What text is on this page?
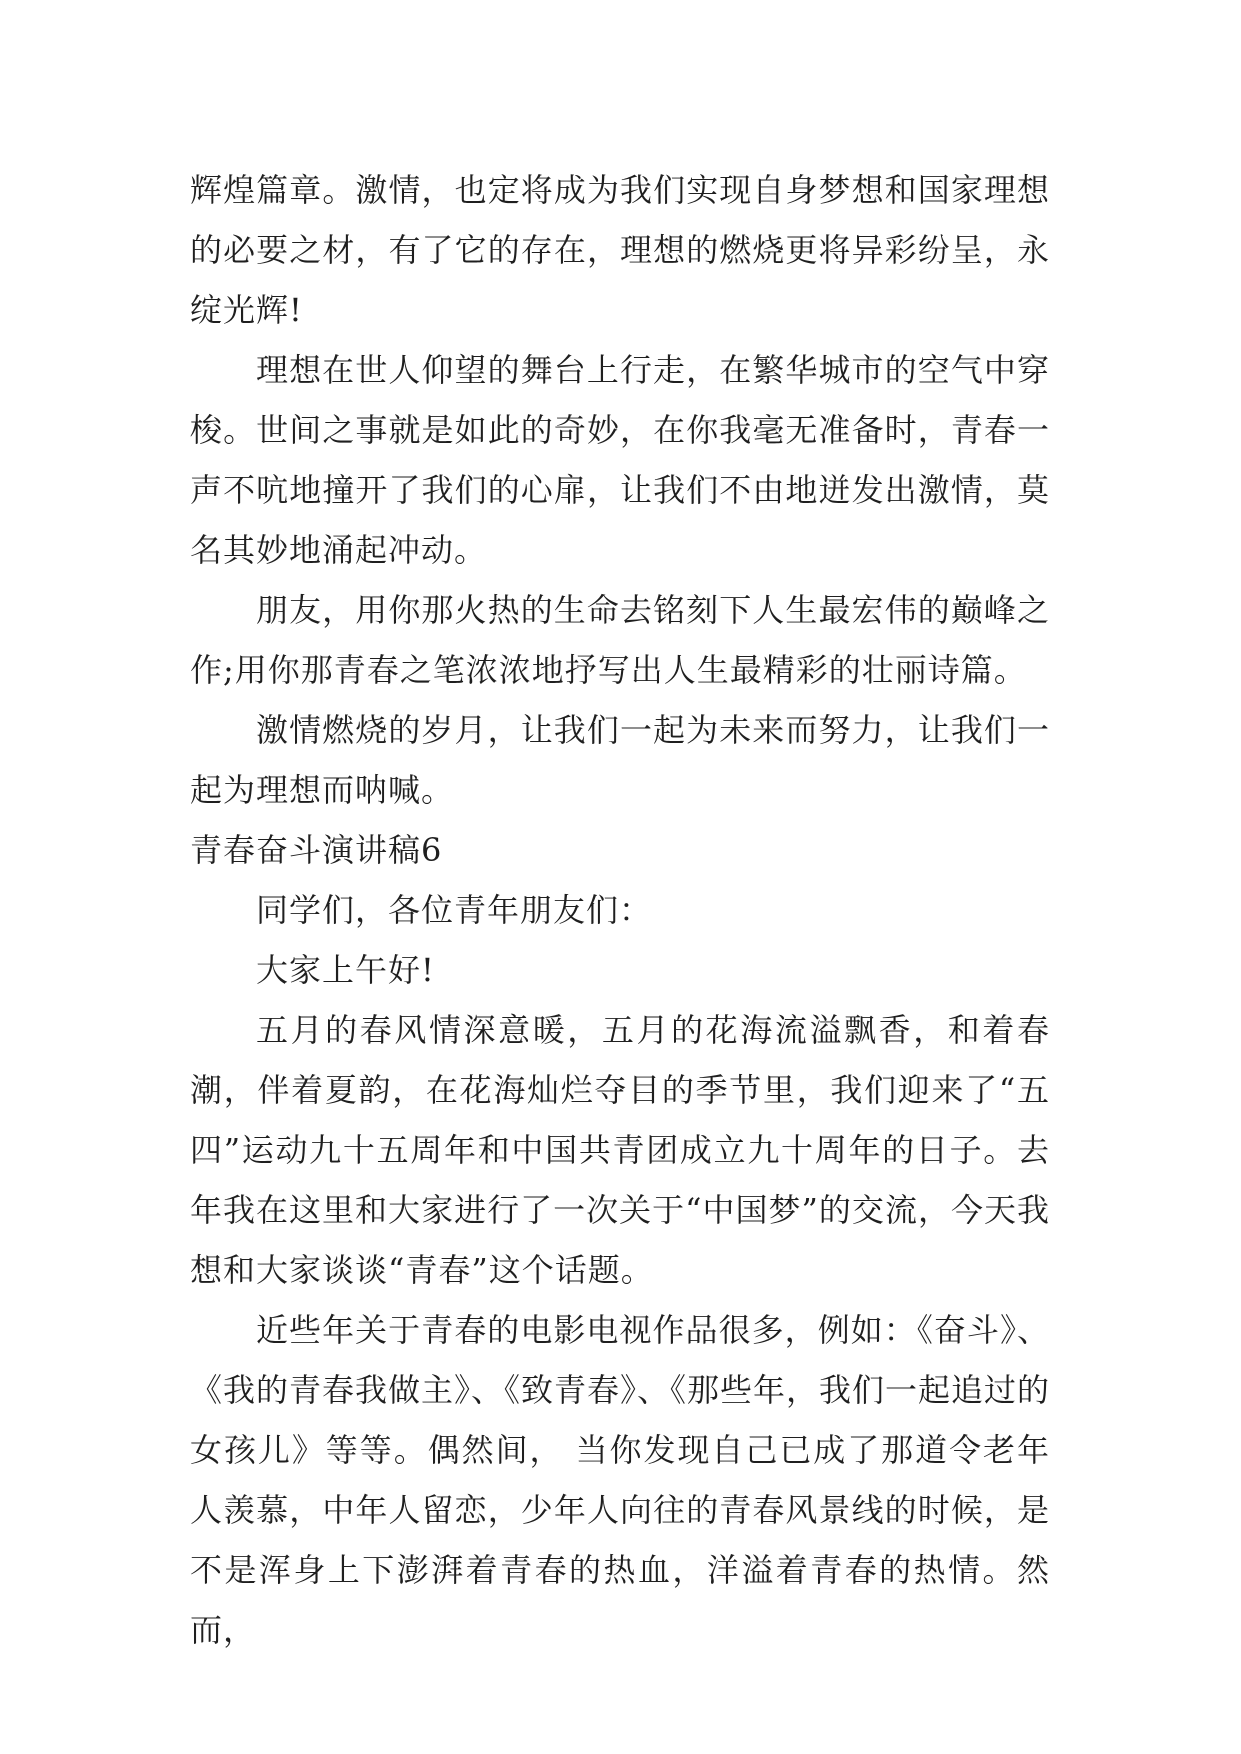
辉煌篇章。激情，也定将成为我们实现自身梦想和国家理想的必要之材，有了它的存在，理想的燃烧更将异彩纷呈，永绽光辉!

理想在世人仰望的舞台上行走，在繁华城市的空气中穿梭。世间之事就是如此的奇妙，在你我毫无准备时，青春一声不吭地撞开了我们的心扉，让我们不由地迸发出激情，莫名其妙地涌起冲动。

朋友，用你那火热的生命去铭刻下人生最宏伟的巅峰之作;用你那青春之笔浓浓地抒写出人生最精彩的壮丽诗篇。

激情燃烧的岁月，让我们一起为未来而努力，让我们一起为理想而呐喊。

青春奋斗演讲稿6

同学们，各位青年朋友们：

大家上午好!

五月的春风情深意暖，五月的花海流溢飘香，和着春潮，伴着夏韵，在花海灿烂夺目的季节里，我们迎来了“五四”运动九十五周年和中国共青团成立九十周年的日子。去年我在这里和大家进行了一次关于“中国梦”的交流，今天我想和大家谈谈“青春”这个话题。

近些年关于青春的电影电视作品很多，例如：《奋斗》、《我的青春我做主》、《致青春》、《那些年，我们一起追过的女孩儿》等等。偶然间， 当你发现自己已成了那道令老年人羡慕，中年人留恋，少年人向往的青春风景线的时候，是不是浑身上下澎湃着青春的热血，洋溢着青春的热情。然而，
